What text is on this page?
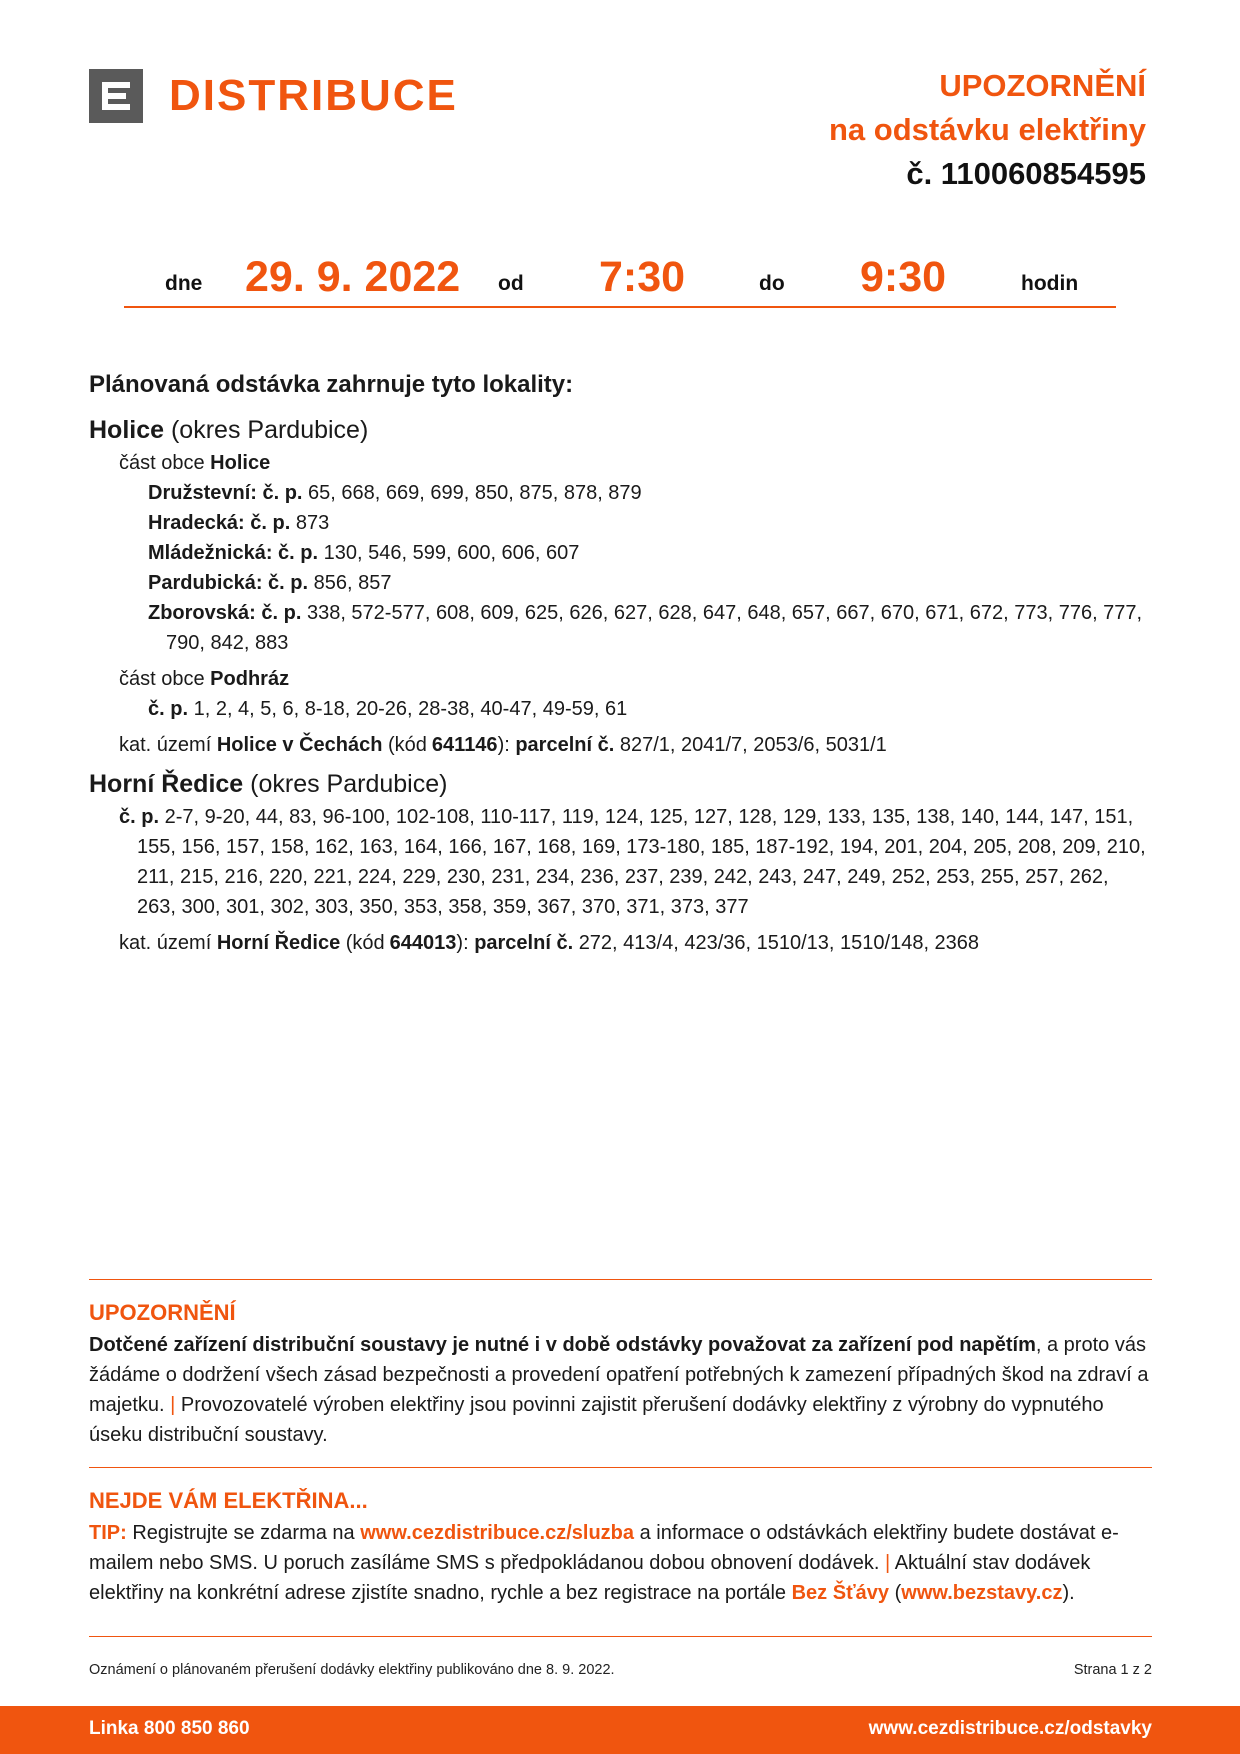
DISTRIBUCE	UPOZORNĚNÍ
na odstávku elektřiny
č. 110060854595
dne 29. 9. 2022 od 7:30	do 9:30	hodin
Plánovaná odstávka zahrnuje tyto lokality:
Holice (okres Pardubice)
část obce Holice
Družstevní: č. p. 65, 668, 669, 699, 850, 875, 878, 879
Hradecká: č. p. 873
Mládežnická: č. p. 130, 546, 599, 600, 606, 607
Pardubická: č. p. 856, 857
Zborovská: č. p. 338, 572-577, 608, 609, 625, 626, 627, 628, 647, 648, 657, 667, 670, 671, 672, 773, 776, 777, 790, 842, 883
část obce Podhráz
č. p. 1, 2, 4, 5, 6, 8-18, 20-26, 28-38, 40-47, 49-59, 61
kat. území Holice v Čechách (kód 641146): parcelní č. 827/1, 2041/7, 2053/6, 5031/1
Horní Ředice (okres Pardubice)
č. p. 2-7, 9-20, 44, 83, 96-100, 102-108, 110-117, 119, 124, 125, 127, 128, 129, 133, 135, 138, 140, 144, 147, 151, 155, 156, 157, 158, 162, 163, 164, 166, 167, 168, 169, 173-180, 185, 187-192, 194, 201, 204, 205, 208, 209, 210, 211, 215, 216, 220, 221, 224, 229, 230, 231, 234, 236, 237, 239, 242, 243, 247, 249, 252, 253, 255, 257, 262, 263, 300, 301, 302, 303, 350, 353, 358, 359, 367, 370, 371, 373, 377
kat. území Horní Ředice (kód 644013): parcelní č. 272, 413/4, 423/36, 1510/13, 1510/148, 2368
UPOZORNĚNÍ
Dotčené zařízení distribuční soustavy je nutné i v době odstávky považovat za zařízení pod napětím, a proto vás žádáme o dodržení všech zásad bezpečnosti a provedení opatření potřebných k zamezení případných škod na zdraví a majetku. | Provozovatelé výroben elektřiny jsou povinni zajistit přerušení dodávky elektřiny z výrobny do vypnutého úseku distribuční soustavy.
NEJDE VÁM ELEKTŘINA...
TIP: Registrujte se zdarma na www.cezdistribuce.cz/sluzba a informace o odstávkách elektřiny budete dostávat e-mailem nebo SMS. U poruch zasíláme SMS s předpokládanou dobou obnovení dodávek. | Aktuální stav dodávek elektřiny na konkrétní adrese zjistíte snadno, rychle a bez registrace na portále Bez Šťávy (www.bezstavy.cz).
Oznámení o plánovaném přerušení dodávky elektřiny publikováno dne 8. 9. 2022.	Strana 1 z 2
Linka 800 850 860	www.cezdistribuce.cz/odstavky
